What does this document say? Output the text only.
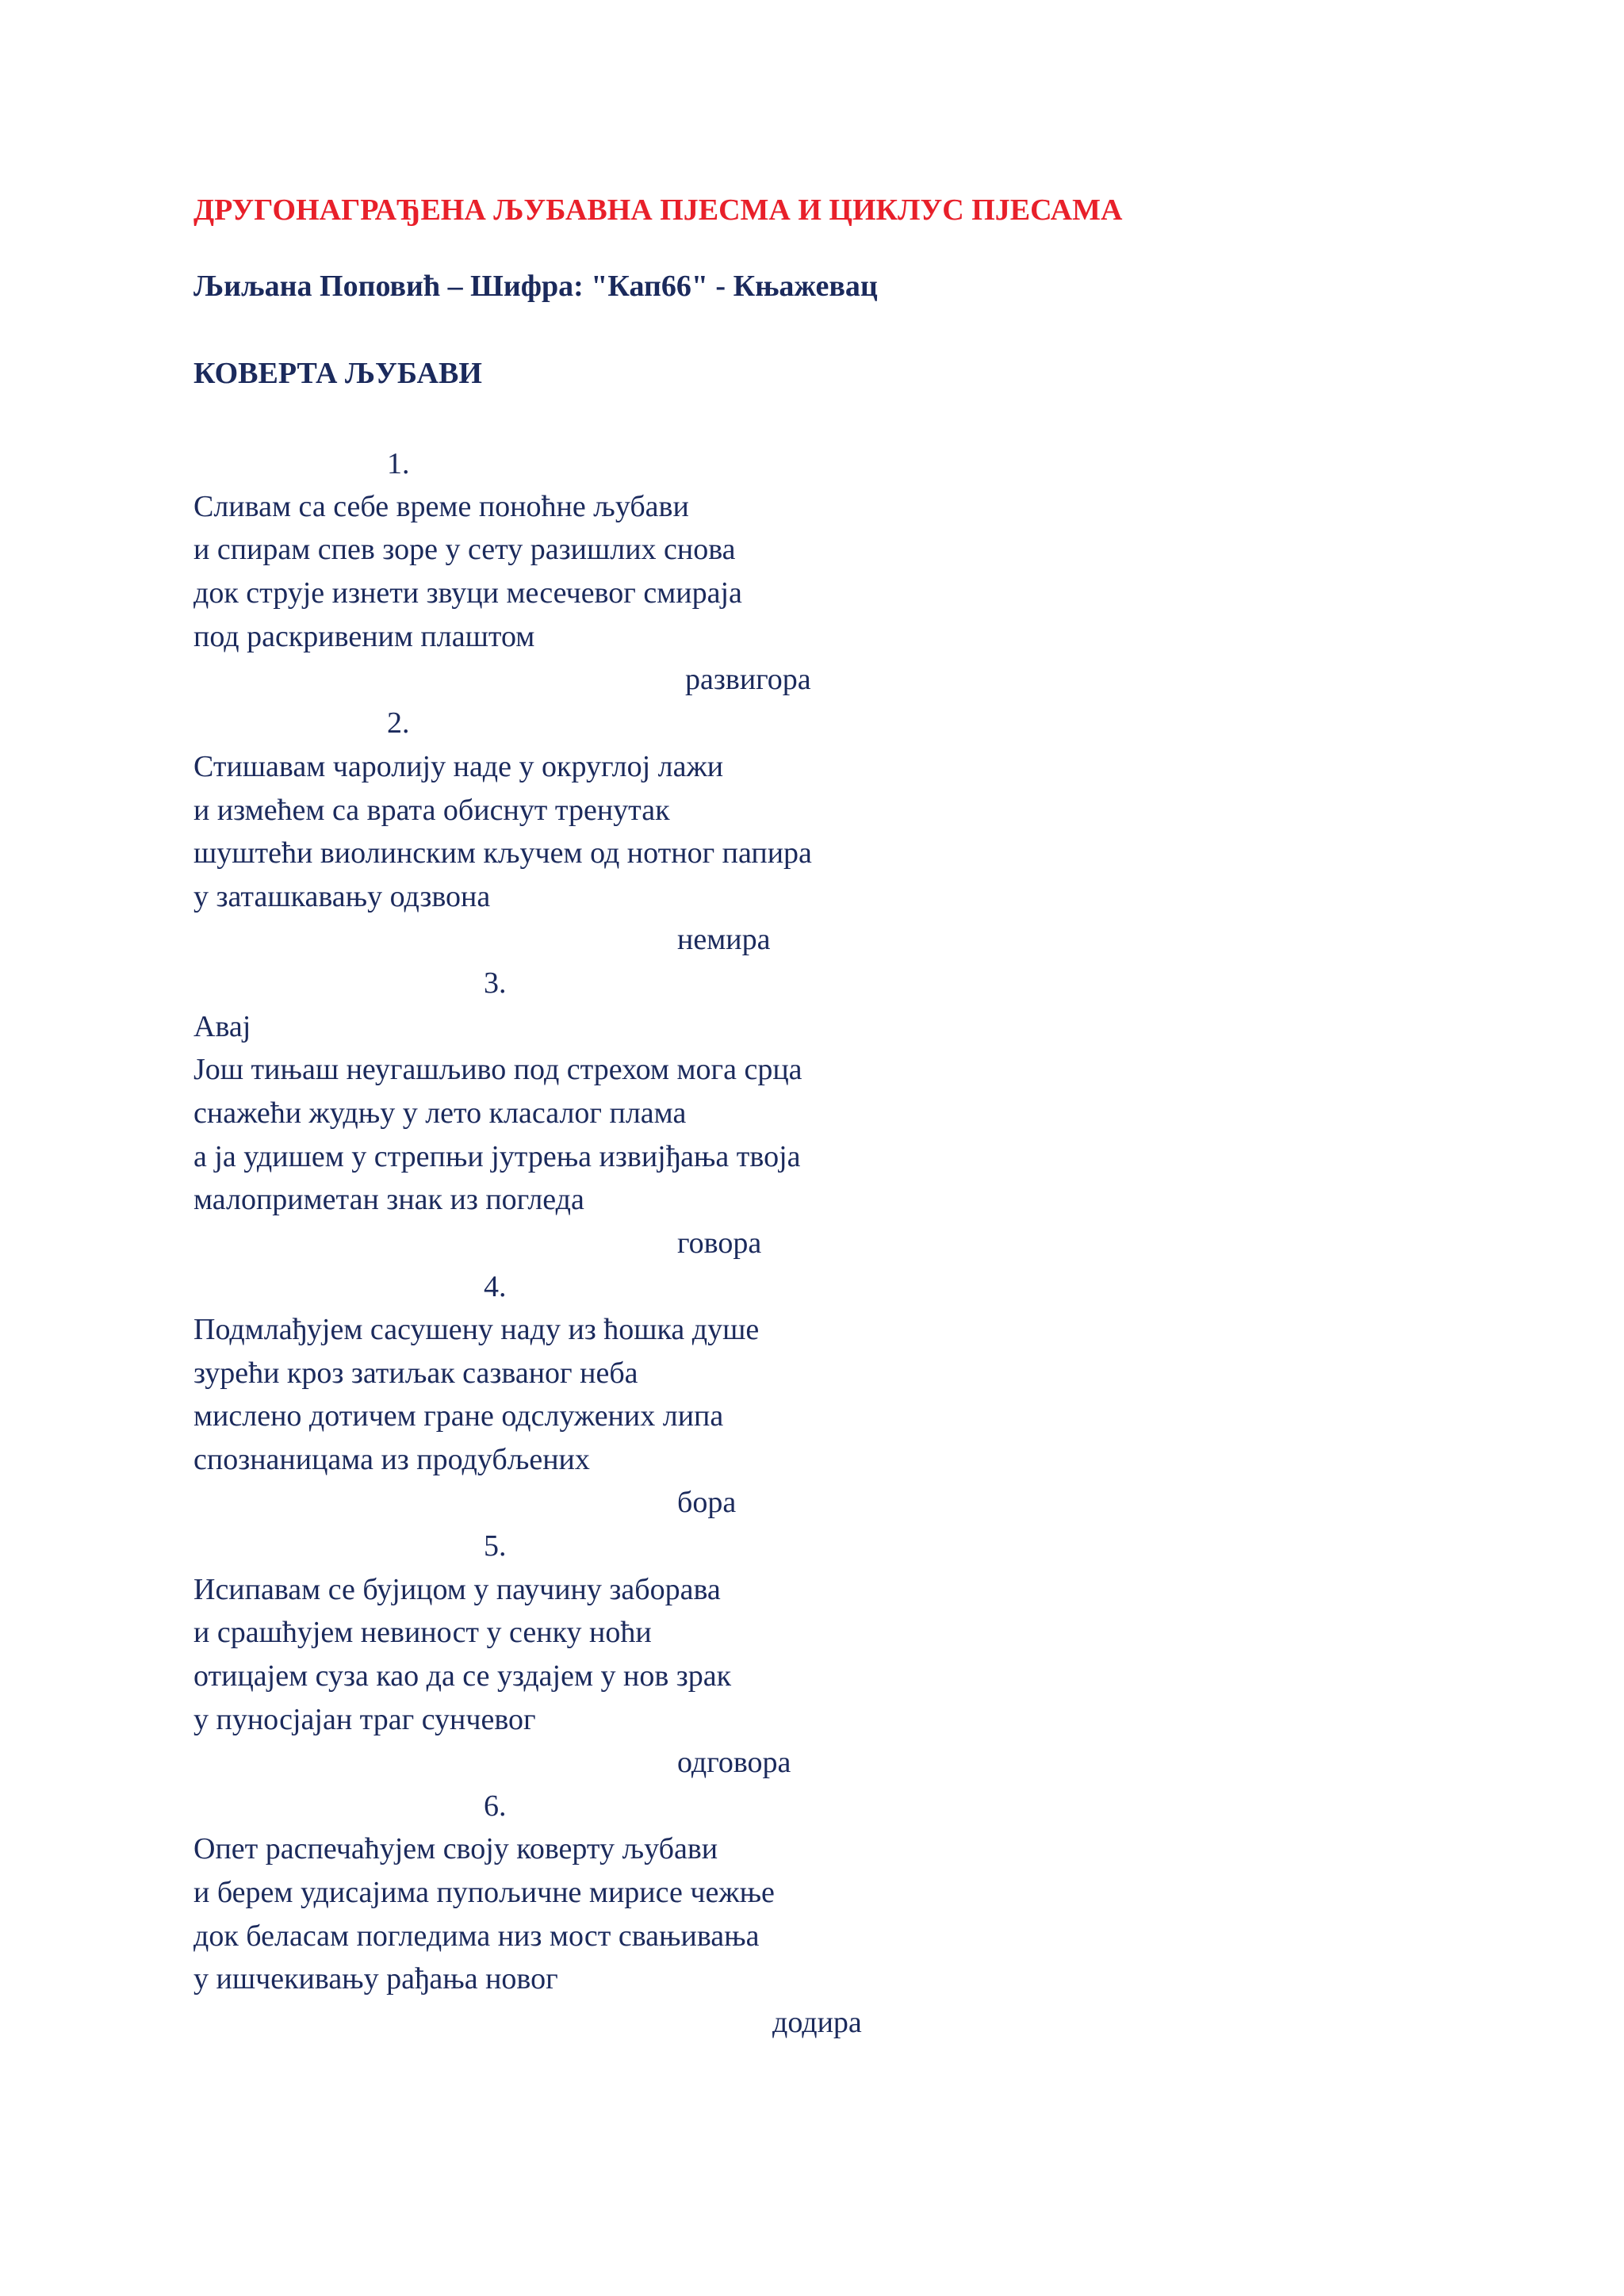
ДРУГОНАГРАЂЕНА ЉУБАВНА ПЈЕСМА И ЦИКЛУС ПЈЕСАМА
Љиљана Поповић – Шифра: "Кап66" - Књажевац
КОВЕРТА ЉУБАВИ
1.
Сливам са себе време поноћне љубави
и спирам спев зоре у сету разишлих снова
док струје изнети звуци месечевог смираја
под раскривеним плаштом
развигора
2.
Стишавам чаролију наде у округлој лажи
и измећем са врата обиснут тренутак
шуштећи виолинским кључем од нотног папира
у заташкавању одзвона
немира
3.
Авај
Још тињаш неугашљиво под стрехом мога срца
снажећи жудњу у лето класалог плама
а ја удишем у стрепњи јутрења извијђања твоја
малоприметан знак из погледа
говора
4.
Подмлађујем сасушену наду из ћошка душе
зурећи кроз затиљак сазваног неба
мислено дотичем гране одслужених липа
спознаницама из продубљених
бора
5.
Исипавам се бујицом у паучину заборава
и срашћујем невиност у сенку ноћи
отицајем суза као да се уздајем у нов зрак
у пуносјајан траг сунчевог
одговора
6.
Опет распечаћујем своју коверту љубави
и берем удисајима пупољичне мирисе чежње
док беласам погледима низ мост свањивања
у ишчекивању рађања новог
додира
